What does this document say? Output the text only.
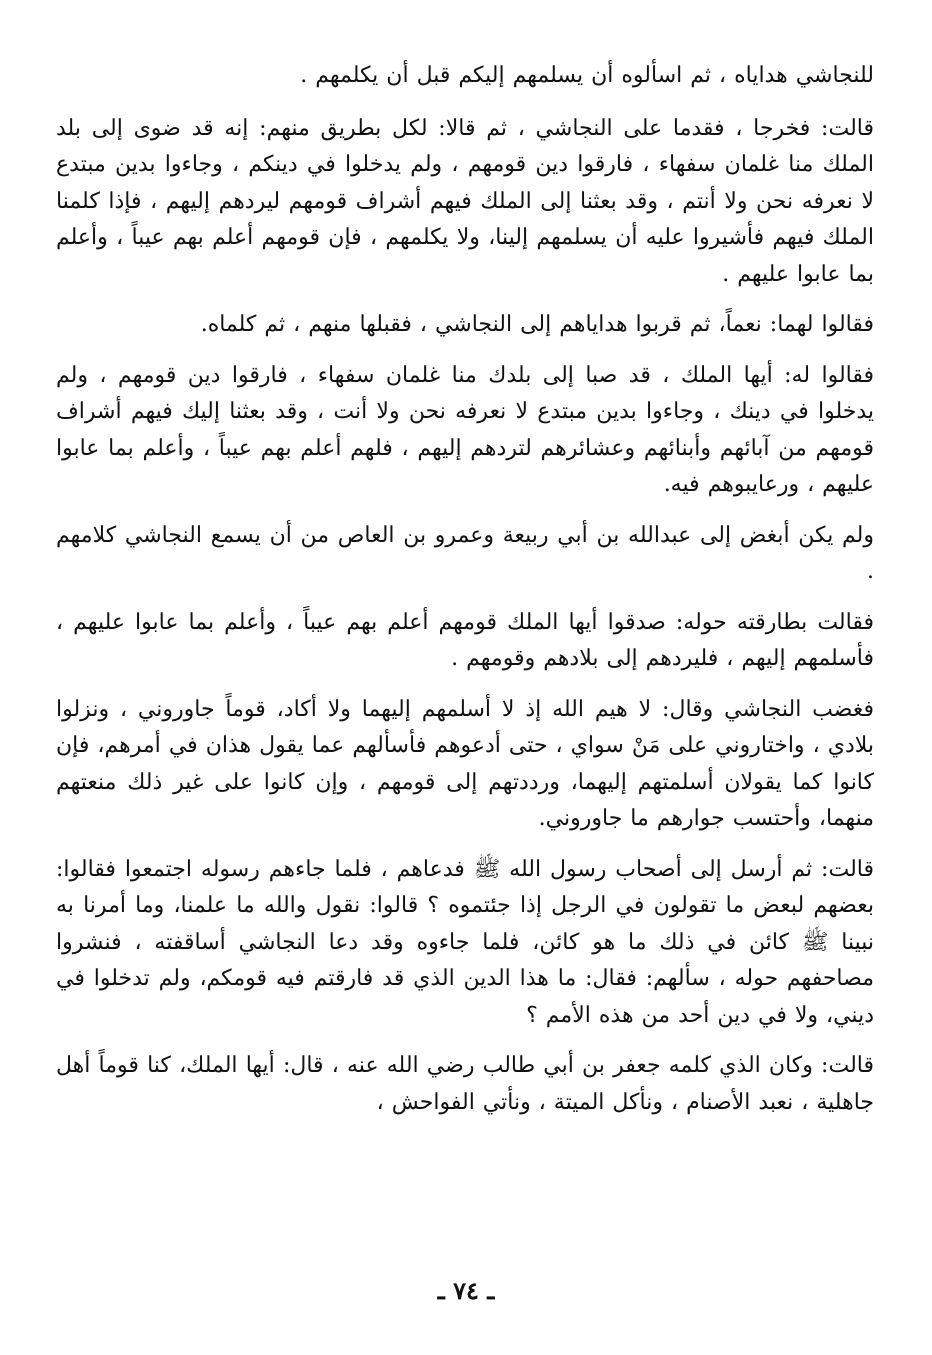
للنجاشي هداياه ، ثم اسألوه أن يسلمهم إليكم قبل أن يكلمهم .

قالت: فخرجا ، فقدما على النجاشي ، ثم قالا: لكل بطريق منهم: إنه قد ضوى إلى بلد الملك منا غلمان سفهاء ، فارقوا دين قومهم ، ولم يدخلوا في دينكم ، وجاءوا بدين مبتدع لا نعرفه نحن ولا أنتم ، وقد بعثنا إلى الملك فيهم أشراف قومهم ليردهم إليهم ، فإذا كلمنا الملك فيهم فأشيروا عليه أن يسلمهم إلينا، ولا يكلمهم ، فإن قومهم أعلم بهم عيباً ، وأعلم بما عابوا عليهم .

فقالوا لهما: نعماً، ثم قربوا هداياهم إلى النجاشي ، فقبلها منهم ، ثم كلماه.

فقالوا له: أيها الملك ، قد صبا إلى بلدك منا غلمان سفهاء ، فارقوا دين قومهم ، ولم يدخلوا في دينك ، وجاءوا بدين مبتدع لا نعرفه نحن ولا أنت ، وقد بعثنا إليك فيهم أشراف قومهم من آبائهم وأبنائهم وعشائرهم لتردهم إليهم ، فلهم أعلم بهم عيباً ، وأعلم بما عابوا عليهم ، ورعايبوهم فيه.

ولم يكن أبغض إلى عبدالله بن أبي ربيعة وعمرو بن العاص من أن يسمع النجاشي كلامهم .

فقالت بطارقته حوله: صدقوا أيها الملك قومهم أعلم بهم عيباً ، وأعلم بما عابوا عليهم ، فأسلمهم إليهم ، فليردهم إلى بلادهم وقومهم .

فغضب النجاشي وقال: لا هيم الله إذ لا أسلمهم إليهما ولا أكاد، قوماً جاوروني ، ونزلوا بلادي ، واختاروني على مَنْ سواي ، حتى أدعوهم فأسألهم عما يقول هذان في أمرهم، فإن كانوا كما يقولان أسلمتهم إليهما، ورددتهم إلى قومهم ، وإن كانوا على غير ذلك منعتهم منهما، وأحتسب جوارهم ما جاوروني.

قالت: ثم أرسل إلى أصحاب رسول الله ﷺ فدعاهم ، فلما جاءهم رسوله اجتمعوا فقالوا: بعضهم لبعض ما تقولون في الرجل إذا جئتموه ؟ قالوا: نقول والله ما علمنا، وما أمرنا به نبينا ﷺ كائن في ذلك ما هو كائن، فلما جاءوه وقد دعا النجاشي أساقفته ، فنشروا مصاحفهم حوله ، سألهم: فقال: ما هذا الدين الذي قد فارقتم فيه قومكم، ولم تدخلوا في ديني، ولا في دين أحد من هذه الأمم ؟

قالت: وكان الذي كلمه جعفر بن أبي طالب رضي الله عنه ، قال: أيها الملك، كنا قوماً أهل جاهلية ، نعبد الأصنام ، ونأكل الميتة ، ونأتي الفواحش ،

ـ ٧٤ ـ
